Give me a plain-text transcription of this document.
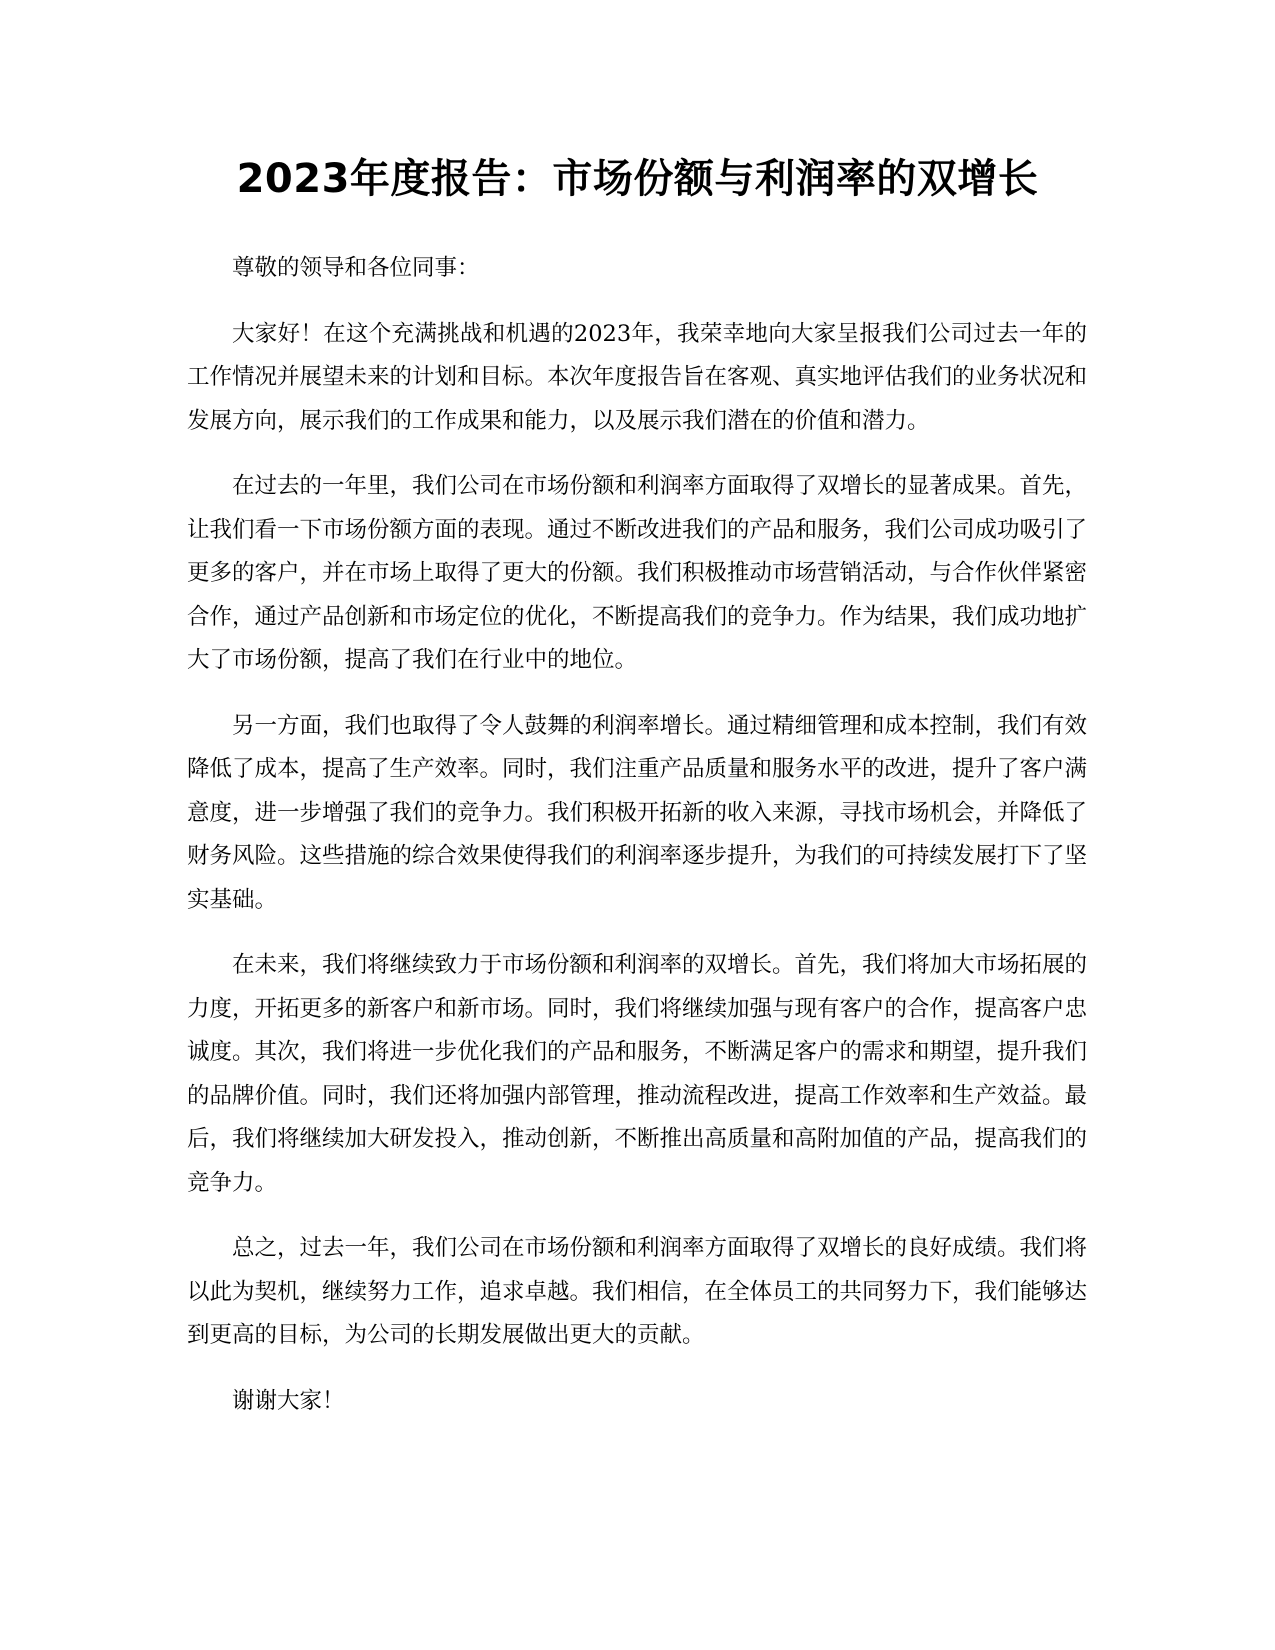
2023年度报告：市场份额与利润率的双增长

尊敬的领导和各位同事：

大家好！在这个充满挑战和机遇的2023年，我荣幸地向大家呈报我们公司过去一年的工作情况并展望未来的计划和目标。本次年度报告旨在客观、真实地评估我们的业务状况和发展方向，展示我们的工作成果和能力，以及展示我们潜在的价值和潜力。

在过去的一年里，我们公司在市场份额和利润率方面取得了双增长的显著成果。首先，让我们看一下市场份额方面的表现。通过不断改进我们的产品和服务，我们公司成功吸引了更多的客户，并在市场上取得了更大的份额。我们积极推动市场营销活动，与合作伙伴紧密合作，通过产品创新和市场定位的优化，不断提高我们的竞争力。作为结果，我们成功地扩大了市场份额，提高了我们在行业中的地位。

另一方面，我们也取得了令人鼓舞的利润率增长。通过精细管理和成本控制，我们有效降低了成本，提高了生产效率。同时，我们注重产品质量和服务水平的改进，提升了客户满意度，进一步增强了我们的竞争力。我们积极开拓新的收入来源，寻找市场机会，并降低了财务风险。这些措施的综合效果使得我们的利润率逐步提升，为我们的可持续发展打下了坚实基础。

在未来，我们将继续致力于市场份额和利润率的双增长。首先，我们将加大市场拓展的力度，开拓更多的新客户和新市场。同时，我们将继续加强与现有客户的合作，提高客户忠诚度。其次，我们将进一步优化我们的产品和服务，不断满足客户的需求和期望，提升我们的品牌价值。同时，我们还将加强内部管理，推动流程改进，提高工作效率和生产效益。最后，我们将继续加大研发投入，推动创新，不断推出高质量和高附加值的产品，提高我们的竞争力。

总之，过去一年，我们公司在市场份额和利润率方面取得了双增长的良好成绩。我们将以此为契机，继续努力工作，追求卓越。我们相信，在全体员工的共同努力下，我们能够达到更高的目标，为公司的长期发展做出更大的贡献。

谢谢大家！
